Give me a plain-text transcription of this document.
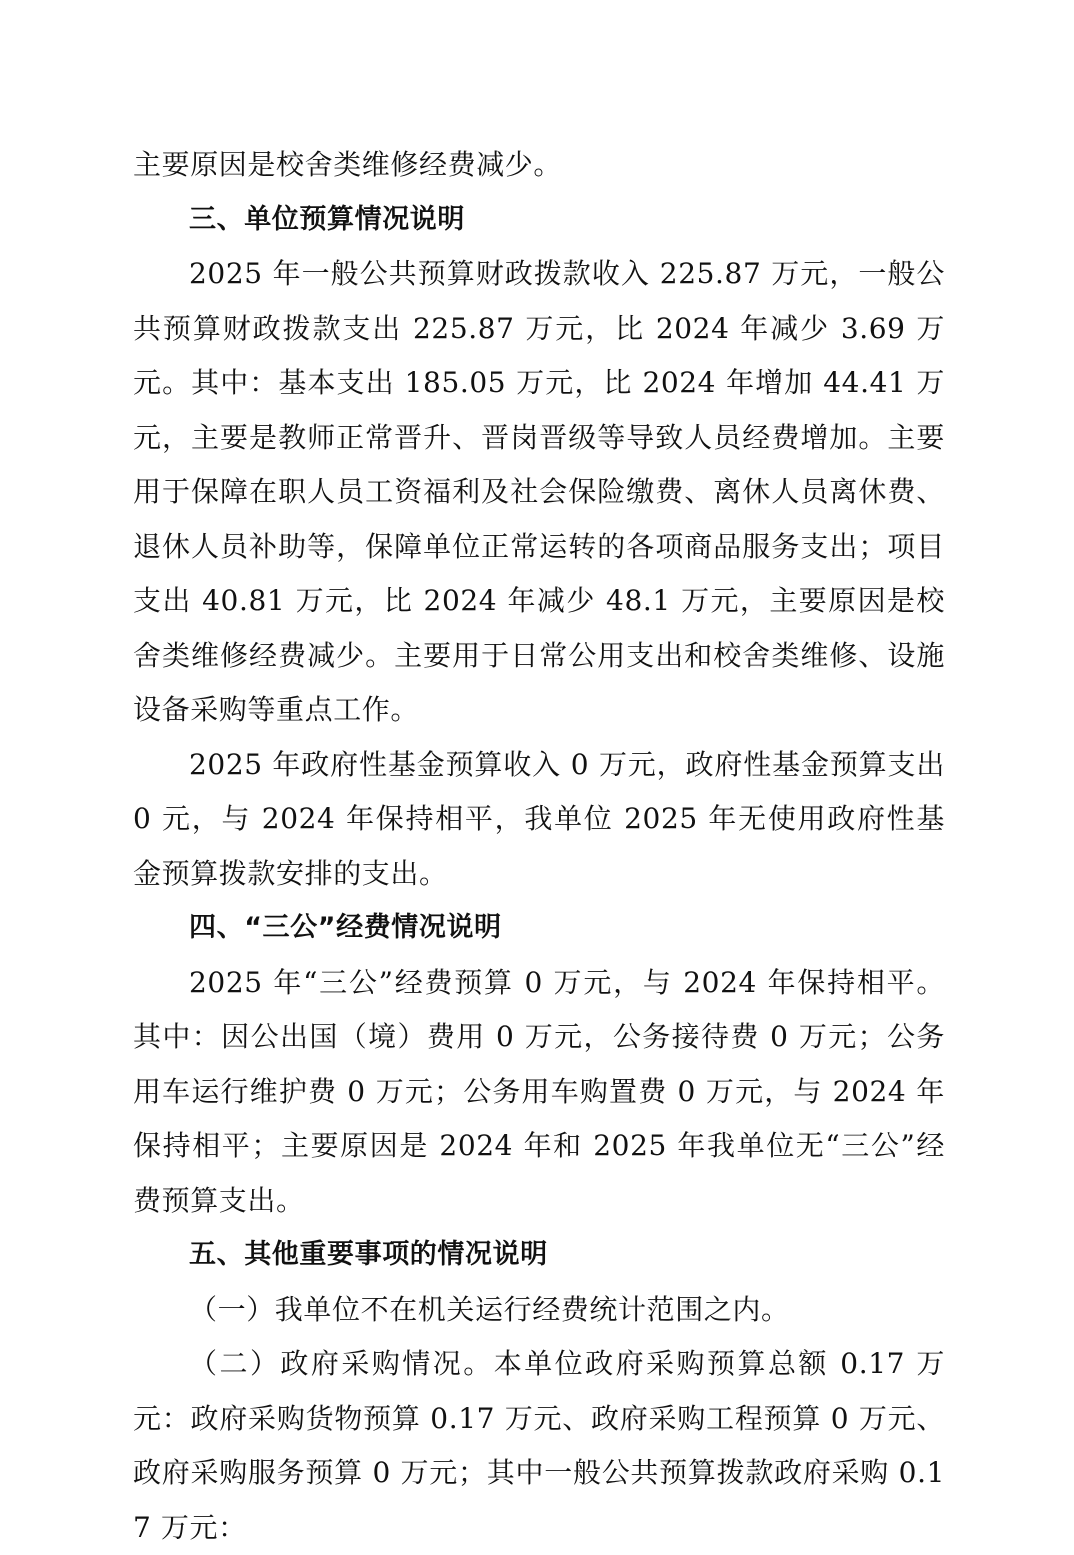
主要原因是校舍类维修经费减少。

三、单位预算情况说明

2025 年一般公共预算财政拨款收入 225.87 万元，一般公共预算财政拨款支出 225.87 万元，比 2024 年减少 3.69 万元。其中：基本支出 185.05 万元，比 2024 年增加 44.41 万元，主要是教师正常晋升、晋岗晋级等导致人员经费增加。主要用于保障在职人员工资福利及社会保险缴费、离休人员离休费、退休人员补助等，保障单位正常运转的各项商品服务支出；项目支出 40.81 万元，比 2024 年减少 48.1 万元，主要原因是校舍类维修经费减少。主要用于日常公用支出和校舍类维修、设施设备采购等重点工作。

2025 年政府性基金预算收入 0 万元，政府性基金预算支出 0 元，与 2024 年保持相平，我单位 2025 年无使用政府性基金预算拨款安排的支出。

四、“三公”经费情况说明

2025 年“三公”经费预算 0 万元，与 2024 年保持相平。其中：因公出国（境）费用 0 万元，公务接待费 0 万元；公务用车运行维护费 0 万元；公务用车购置费 0 万元，与 2024 年保持相平；主要原因是 2024 年和 2025 年我单位无“三公”经费预算支出。

五、其他重要事项的情况说明

（一）我单位不在机关运行经费统计范围之内。

（二）政府采购情况。本单位政府采购预算总额 0.17 万元：政府采购货物预算 0.17 万元、政府采购工程预算 0 万元、政府采购服务预算 0 万元；其中一般公共预算拨款政府采购 0.17 万元：
